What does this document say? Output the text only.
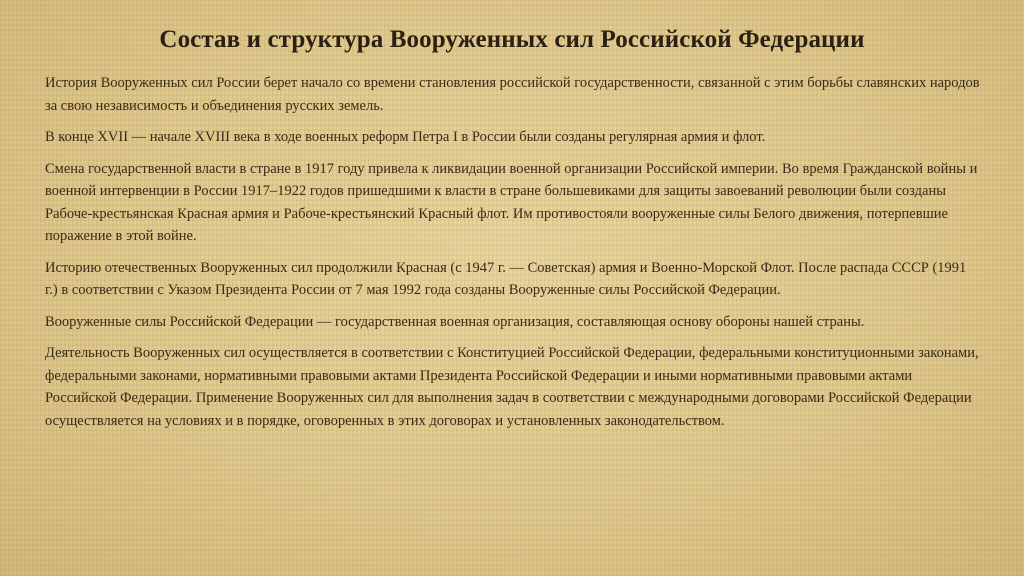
Состав и структура Вооруженных сил Российской Федерации

История Вооруженных сил России берет начало со времени становления российской государственности, связанной с этим борьбы славянских народов за свою независимость и объединения русских земель.

В конце XVII — начале XVIII века в ходе военных реформ Петра I в России были созданы регулярная армия и флот.

Смена государственной власти в стране в 1917 году привела к ликвидации военной организации Российской империи. Во время Гражданской войны и военной интервенции в России 1917–1922 годов пришедшими к власти в стране большевиками для защиты завоеваний революции были созданы Рабоче-крестьянская Красная армия и Рабоче-крестьянский Красный флот. Им противостояли вооруженные силы Белого движения, потерпевшие поражение в этой войне.

Историю отечественных Вооруженных сил продолжили Красная (с 1947 г. — Советская) армия и Военно-Морской Флот. После распада СССР (1991 г.) в соответствии с Указом Президента России от 7 мая 1992 года созданы Вооруженные силы Российской Федерации.

Вооруженные силы Российской Федерации — государственная военная организация, составляющая основу обороны нашей страны.

Деятельность Вооруженных сил осуществляется в соответствии с Конституцией Российской Федерации, федеральными конституционными законами, федеральными законами, нормативными правовыми актами Президента Российской Федерации и иными нормативными правовыми актами Российской Федерации. Применение Вооруженных сил для выполнения задач в соответствии с международными договорами Российской Федерации осуществляется на условиях и в порядке, оговоренных в этих договорах и установленных законодательством.
